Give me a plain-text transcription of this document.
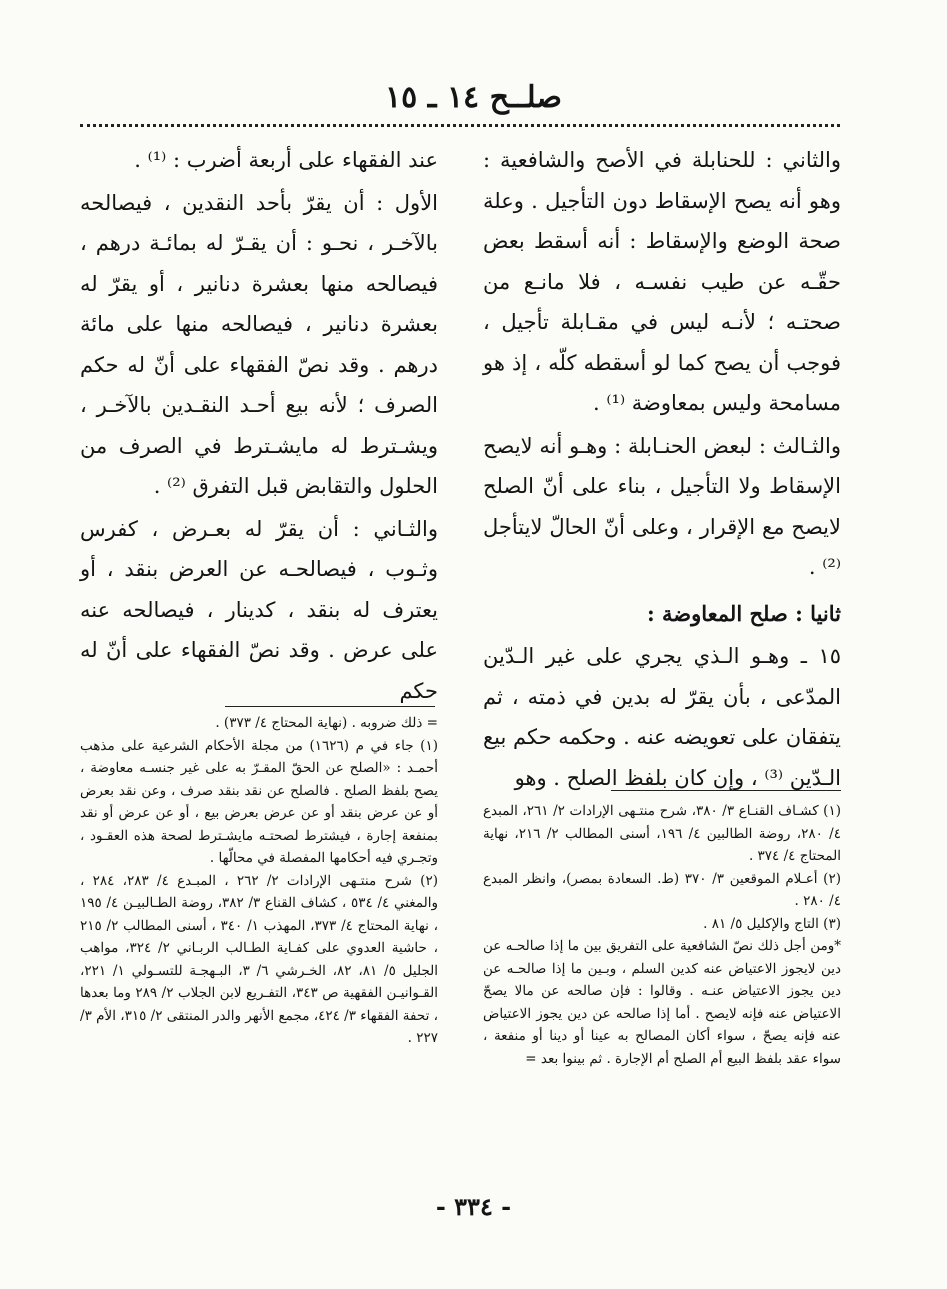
صلــح ١٤ ـ ١٥

والثاني : للحنابلة في الأصح والشافعية : وهو أنه يصح الإسقاط دون التأجيل . وعلة صحة الوضع والإسقاط : أنه أسقط بعض حقّـه عن طيب نفسـه ، فلا مانـع من صحتـه ؛ لأنـه ليس في مقـابلة تأجيل ، فوجب أن يصح كما لو أسقطه كلّه ، إذ هو مسامحة وليس بمعاوضة ⁽¹⁾ .

والثـالث : لبعض الحنـابلة : وهـو أنه لايصح الإسقاط ولا التأجيل ، بناء على أنّ الصلح لايصح مع الإقرار ، وعلى أنّ الحالّ لايتأجل ⁽²⁾ .

ثانيا : صلح المعاوضة :

١٥ ـ وهـو الـذي يجري على غير الـدّين المدّعى ، بأن يقرّ له بدين في ذمته ، ثم يتفقان على تعويضه عنه . وحكمه حكم بيع الـدّين ⁽³⁾ ، وإن كان بلفظ الصلح . وهو

عند الفقهاء على أربعة أضرب : ⁽¹⁾ .

الأول : أن يقرّ بأحد النقدين ، فيصالحه بالآخـر ، نحـو : أن يقـرّ له بمائـة درهم ، فيصالحه منها بعشرة دنانير ، أو يقرّ له بعشرة دنانير ، فيصالحه منها على مائة درهم . وقد نصّ الفقهاء على أنّ له حكم الصرف ؛ لأنه بيع أحـد النقـدين بالآخـر ، ويشـترط له مايشـترط في الصرف من الحلول والتقابض قبل التفرق ⁽²⁾ .

والثـاني : أن يقرّ له بعـرض ، كفرس وثـوب ، فيصالحـه عن العرض بنقد ، أو يعترف له بنقد ، كدينار ، فيصالحه عنه على عرض . وقد نصّ الفقهاء على أنّ له حكم

(١) كشـاف القنـاع ٣/ ٣٨٠، شرح منتـهى الإرادات ٢/ ٢٦١، المبدع ٤/ ٢٨٠، روضة الطالبين ٤/ ١٩٦، أسنى المطالب ٢/ ٢١٦، نهاية المحتاج ٤/ ٣٧٤ .

(٢) أعـلام الموقعين ٣/ ٣٧٠ (ط. السعادة بمصر)، وانظر المبدع ٤/ ٢٨٠ .

(٣) التاج والإكليل ٥/ ٨١ .

*ومن أجل ذلك نصّ الشافعية على التفريق بين ما إذا صالحـه عن دين لايجوز الاعتياض عنه كدين السلم ، وبـين ما إذا صالحـه عن دين يجوز الاعتياض عنـه . وقالوا : فإن صالحه عن مالا يصحّ الاعتياض عنه فإنه لايصح . أما إذا صالحه عن دين يجوز الاعتياض عنه فإنه يصحّ ، سواء أكان المصالح به عينا أو دينا أو منفعة ، سواء عقد بلفظ البيع أم الصلح أم الإجارة . ثم بينوا بعد =

= ذلك ضروبه . (نهاية المحتاج ٤/ ٣٧٣) .

(١) جاء في م (١٦٢٦) من مجلة الأحكام الشرعية على مذهب أحمـد : «الصلح عن الحقّ المقـرّ به على غير جنسـه معاوضة ، يصح بلفظ الصلح . فالصلح عن نقد بنقد صرف ، وعن نقد بعرض أو عن عرض بنقد أو عن عرض بعرض بيع ، أو عن عرض أو نقد بمنفعة إجارة ، فيشترط لصحتـه مايشـترط لصحة هذه العقـود ، وتجـري فيه أحكامها المفصلة في محالّها .

(٢) شرح منتـهى الإرادات ٢/ ٢٦٢ ، المبـدع ٤/ ٢٨٣، ٢٨٤ ، والمغني ٤/ ٥٣٤ ، كشاف القناع ٣/ ٣٨٢، روضة الطـالبيـن ٤/ ١٩٥ ، نهاية المحتاج ٤/ ٣٧٣، المهذب ١/ ٣٤٠ ، أسنى المطالب ٢/ ٢١٥ ، حاشية العدوي على كفـاية الطـالب الربـاني ٢/ ٣٢٤، مواهب الجليل ٥/ ٨١، ٨٢، الخـرشي ٦/ ٣، البـهجـة للتسـولي ١/ ٢٢١، القـوانيـن الفقهية ص ٣٤٣، التفـريع لابن الجلاب ٢/ ٢٨٩ وما بعدها ، تحفة الفقهاء ٣/ ٤٢٤، مجمع الأنهر والدر المنتقى ٢/ ٣١٥، الأم ٣/ ٢٢٧ .

- ٣٣٤ -
